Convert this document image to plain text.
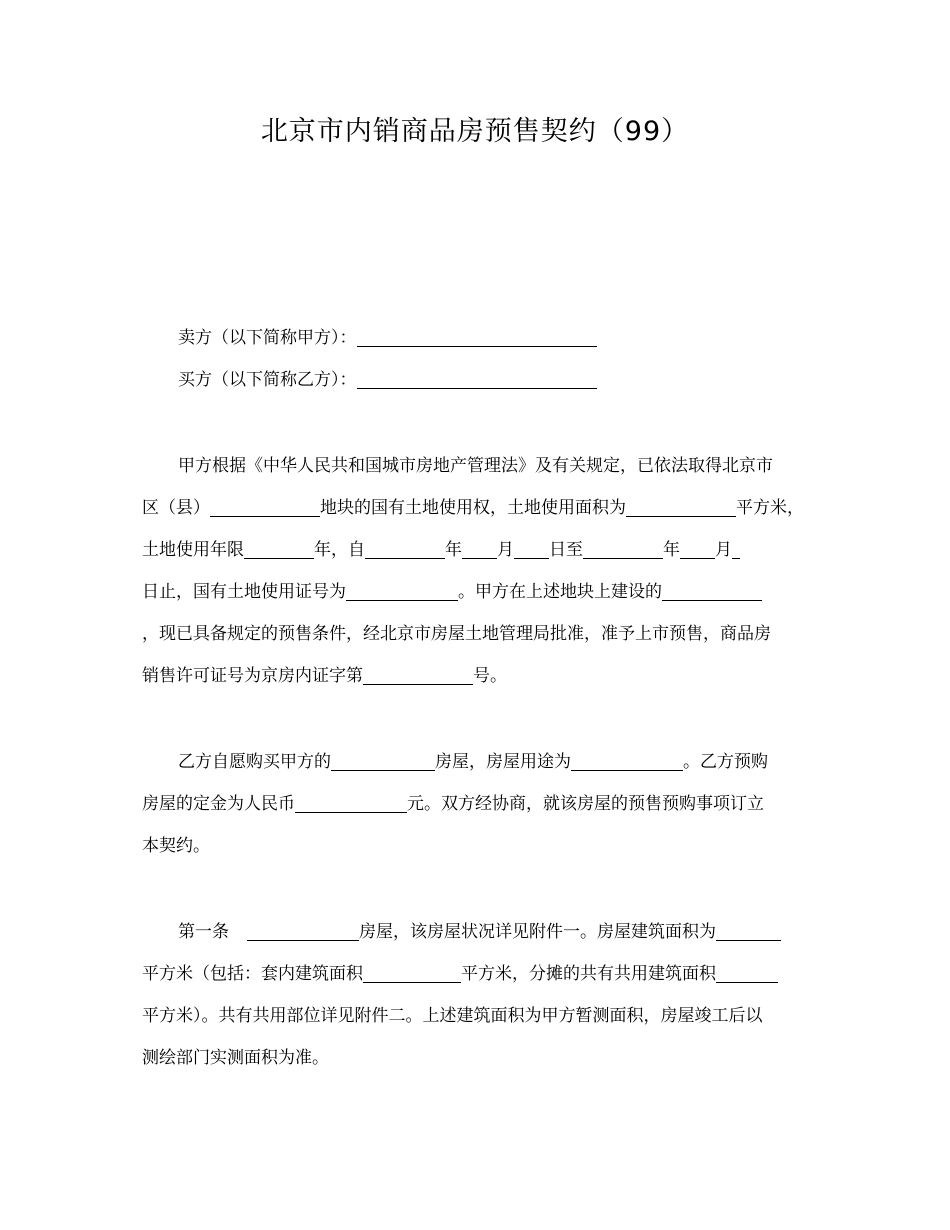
北京市内销商品房预售契约（99）
卖方（以下简称甲方）：
买方（以下简称乙方）：
甲方根据《中华人民共和国城市房地产管理法》及有关规定，已依法取得北京市
区（县）	地块的国有土地使用权，土地使用面积为	平方米，
土地使用年限	年，自	年 月 日至	年 月
日止，国有土地使用证号为	。甲方在上述地块上建设的
，现已具备规定的预售条件，经北京市房屋土地管理局批准，准予上市预售，商品房
销售许可证号为京房内证字第	号。
乙方自愿购买甲方的	房屋，房屋用途为	。乙方预购
房屋的定金为人民币	元。双方经协商，就该房屋的预售预购事项订立
本契约。
第一条	房屋，该房屋状况详见附件一。房屋建筑面积为
平方米（包括：套内建筑面积	平方米，分摊的共有共用建筑面积
平方米）。共有共用部位详见附件二。上述建筑面积为甲方暂测面积，房屋竣工后以
测绘部门实测面积为准。
